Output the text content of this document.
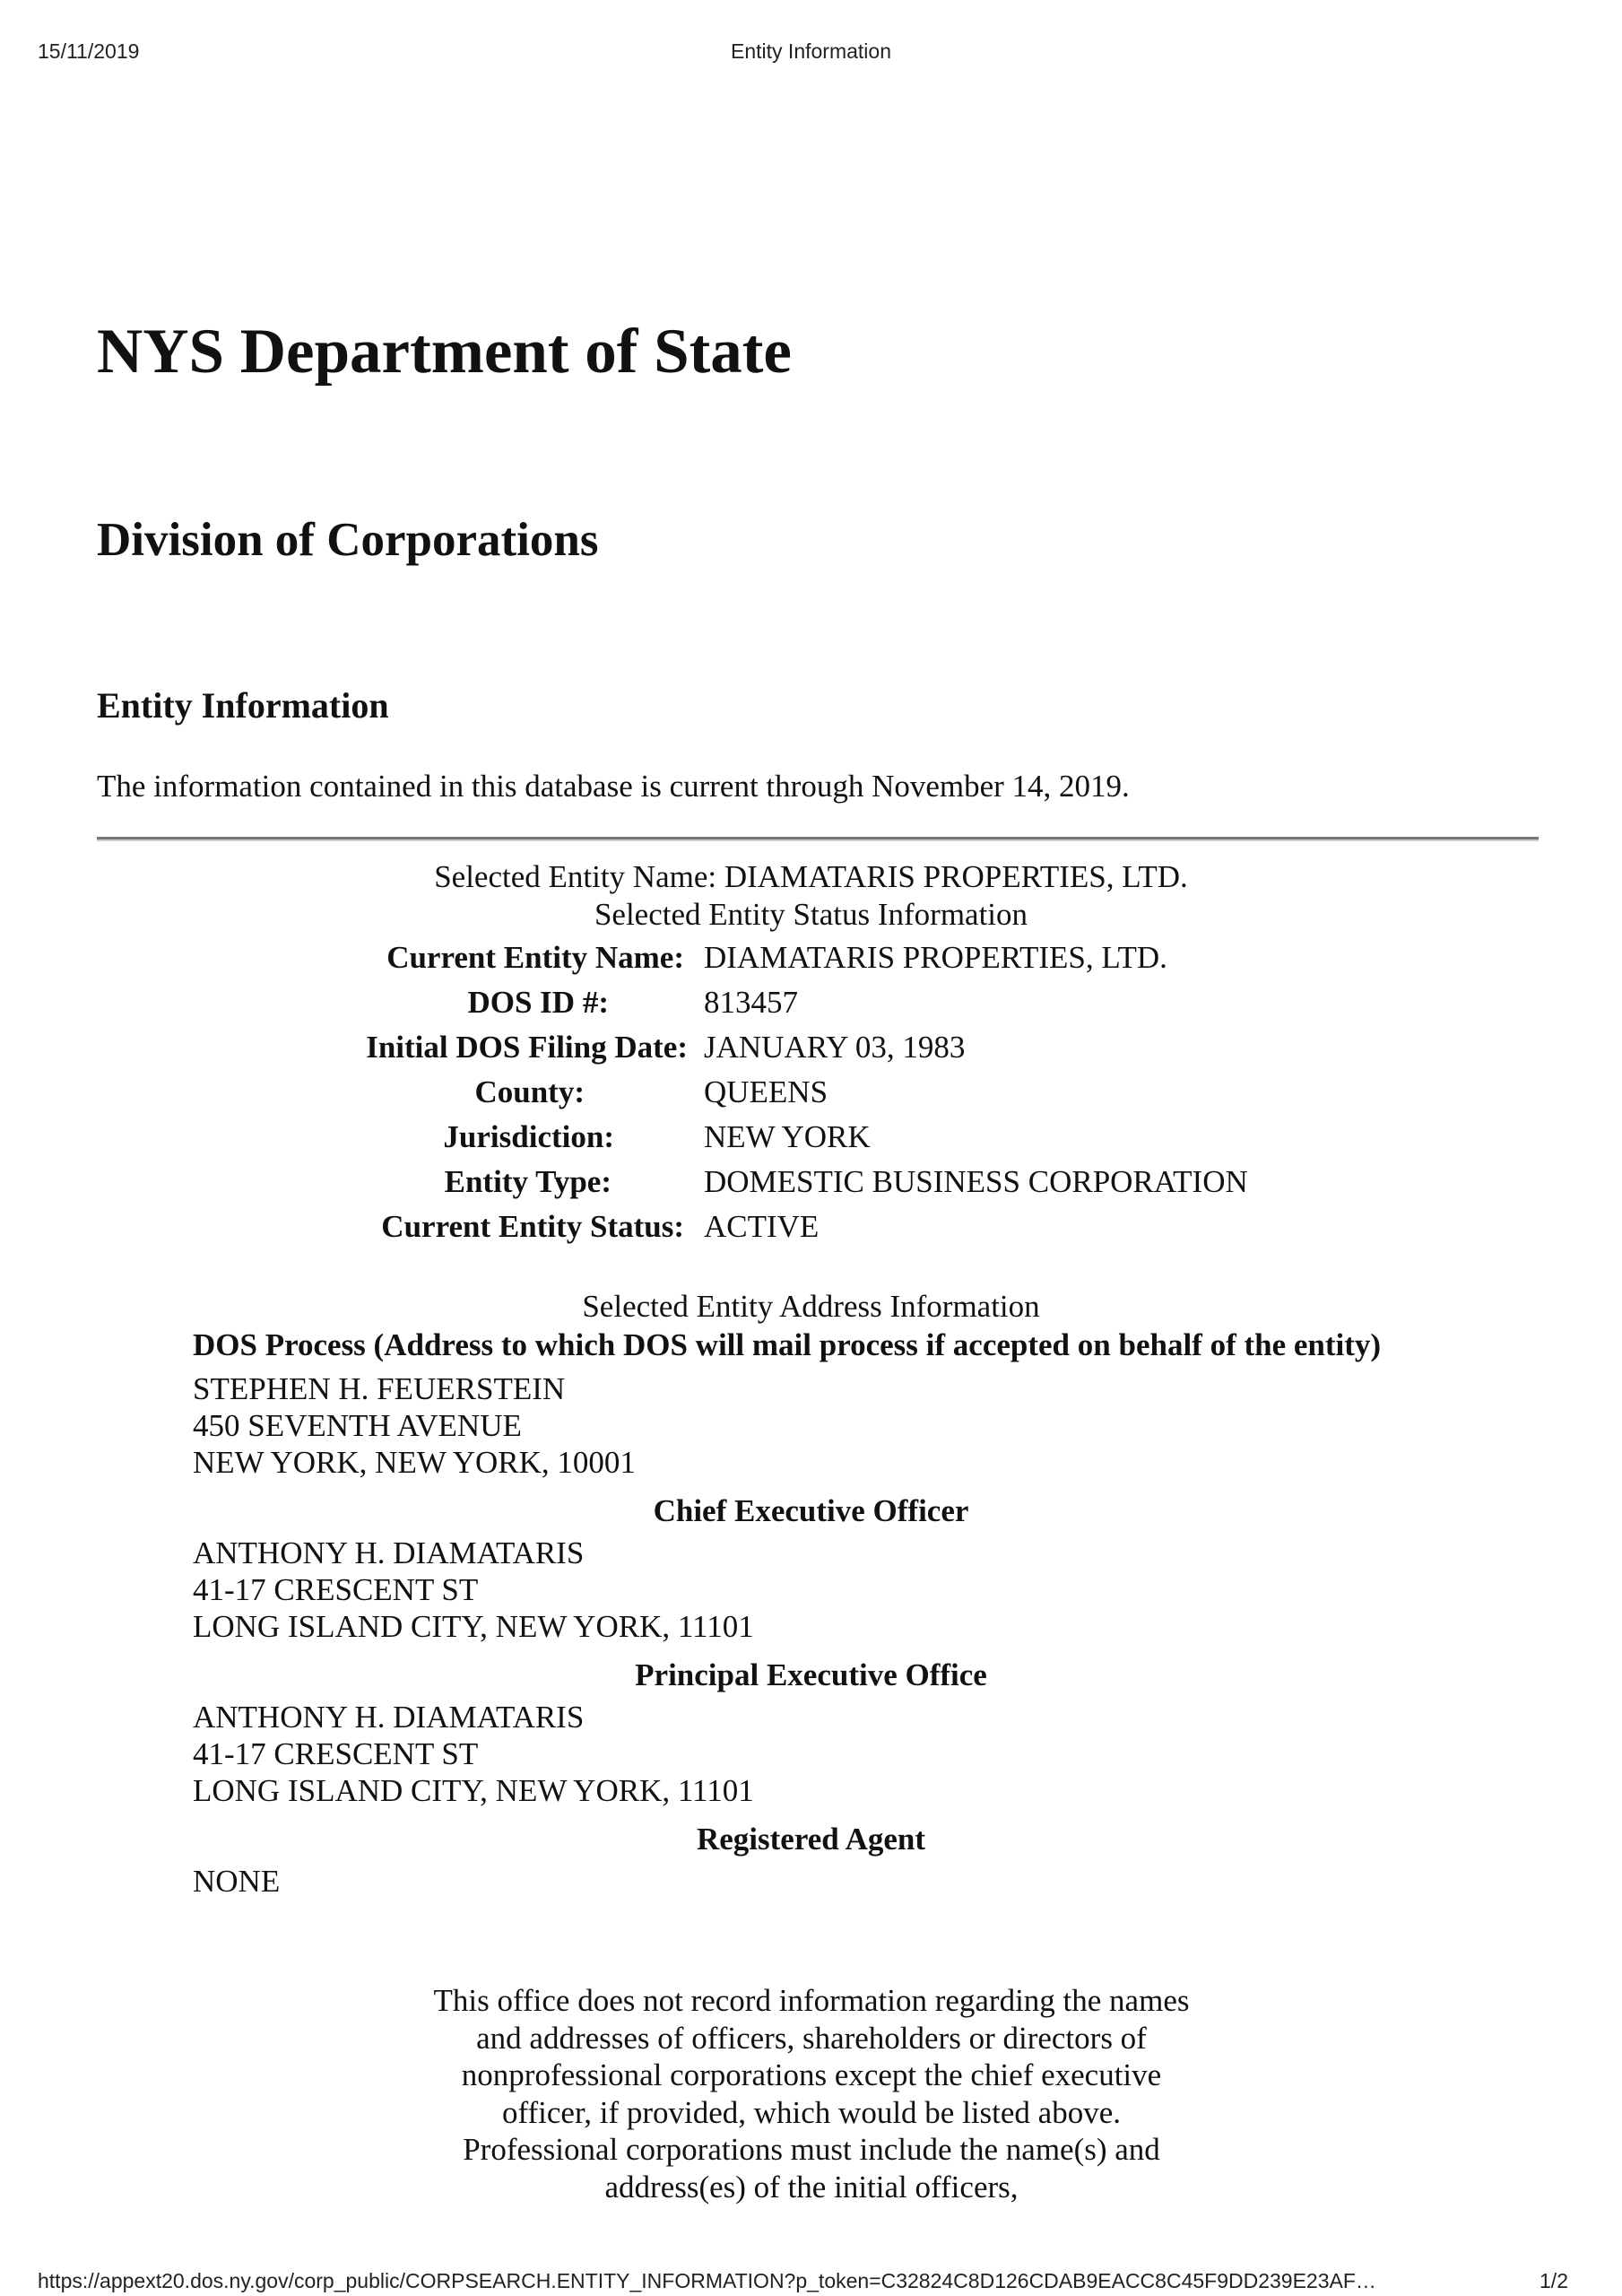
15/11/2019	Entity Information
NYS Department of State
Division of Corporations
Entity Information

The information contained in this database is current through November 14, 2019.

Selected Entity Name: DIAMATARIS PROPERTIES, LTD.
Selected Entity Status Information
Current Entity Name: DIAMATARIS PROPERTIES, LTD.
DOS ID #:	813457
Initial DOS Filing Date: JANUARY 03, 1983
County:	QUEENS
Jurisdiction:	NEW YORK
Entity Type:	DOMESTIC BUSINESS CORPORATION
Current Entity Status: ACTIVE
Selected Entity Address Information
DOS Process (Address to which DOS will mail process if accepted on behalf of the entity)
STEPHEN H. FEUERSTEIN
450 SEVENTH AVENUE
NEW YORK, NEW YORK, 10001
Chief Executive Officer
ANTHONY H. DIAMATARIS
41-17 CRESCENT ST
LONG ISLAND CITY, NEW YORK, 11101
Principal Executive Office
ANTHONY H. DIAMATARIS
41-17 CRESCENT ST
LONG ISLAND CITY, NEW YORK, 11101
Registered Agent
NONE

This office does not record information regarding the names and addresses of officers, shareholders or directors of nonprofessional corporations except the chief executive officer, if provided, which would be listed above. Professional corporations must include the name(s) and address(es) of the initial officers,

https://appext20.dos.ny.gov/corp_public/CORPSEARCH.ENTITY_INFORMATION?p_token=C32824C8D126CDAB9EACC8C45F9DD239E23AF…	1/2
